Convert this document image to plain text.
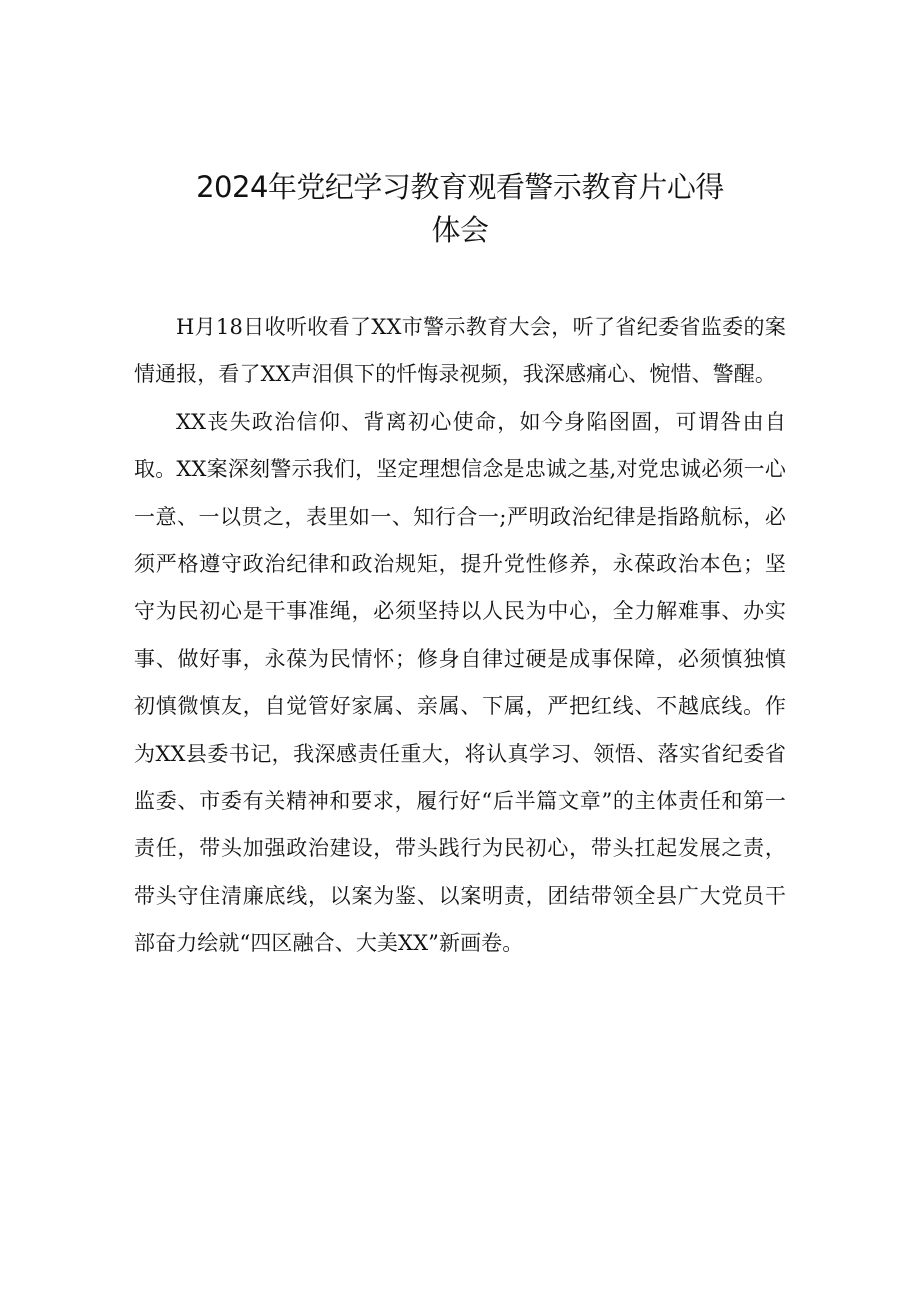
2024年党纪学习教育观看警示教育片心得
体会

H月18日收听收看了XX市警示教育大会，听了省纪委省监委的案情通报，看了XX声泪俱下的忏悔录视频，我深感痛心、惋惜、警醒。

XX丧失政治信仰、背离初心使命，如今身陷囹圄，可谓咎由自取。XX案深刻警示我们，坚定理想信念是忠诚之基,对党忠诚必须一心一意、一以贯之，表里如一、知行合一;严明政治纪律是指路航标，必须严格遵守政治纪律和政治规矩，提升党性修养，永葆政治本色；坚守为民初心是干事准绳，必须坚持以人民为中心，全力解难事、办实事、做好事，永葆为民情怀；修身自律过硬是成事保障，必须慎独慎初慎微慎友，自觉管好家属、亲属、下属，严把红线、不越底线。作为XX县委书记，我深感责任重大，将认真学习、领悟、落实省纪委省监委、市委有关精神和要求，履行好“后半篇文章”的主体责任和第一责任，带头加强政治建设，带头践行为民初心，带头扛起发展之责，带头守住清廉底线，以案为鉴、以案明责，团结带领全县广大党员干部奋力绘就“四区融合、大美XX”新画卷。
